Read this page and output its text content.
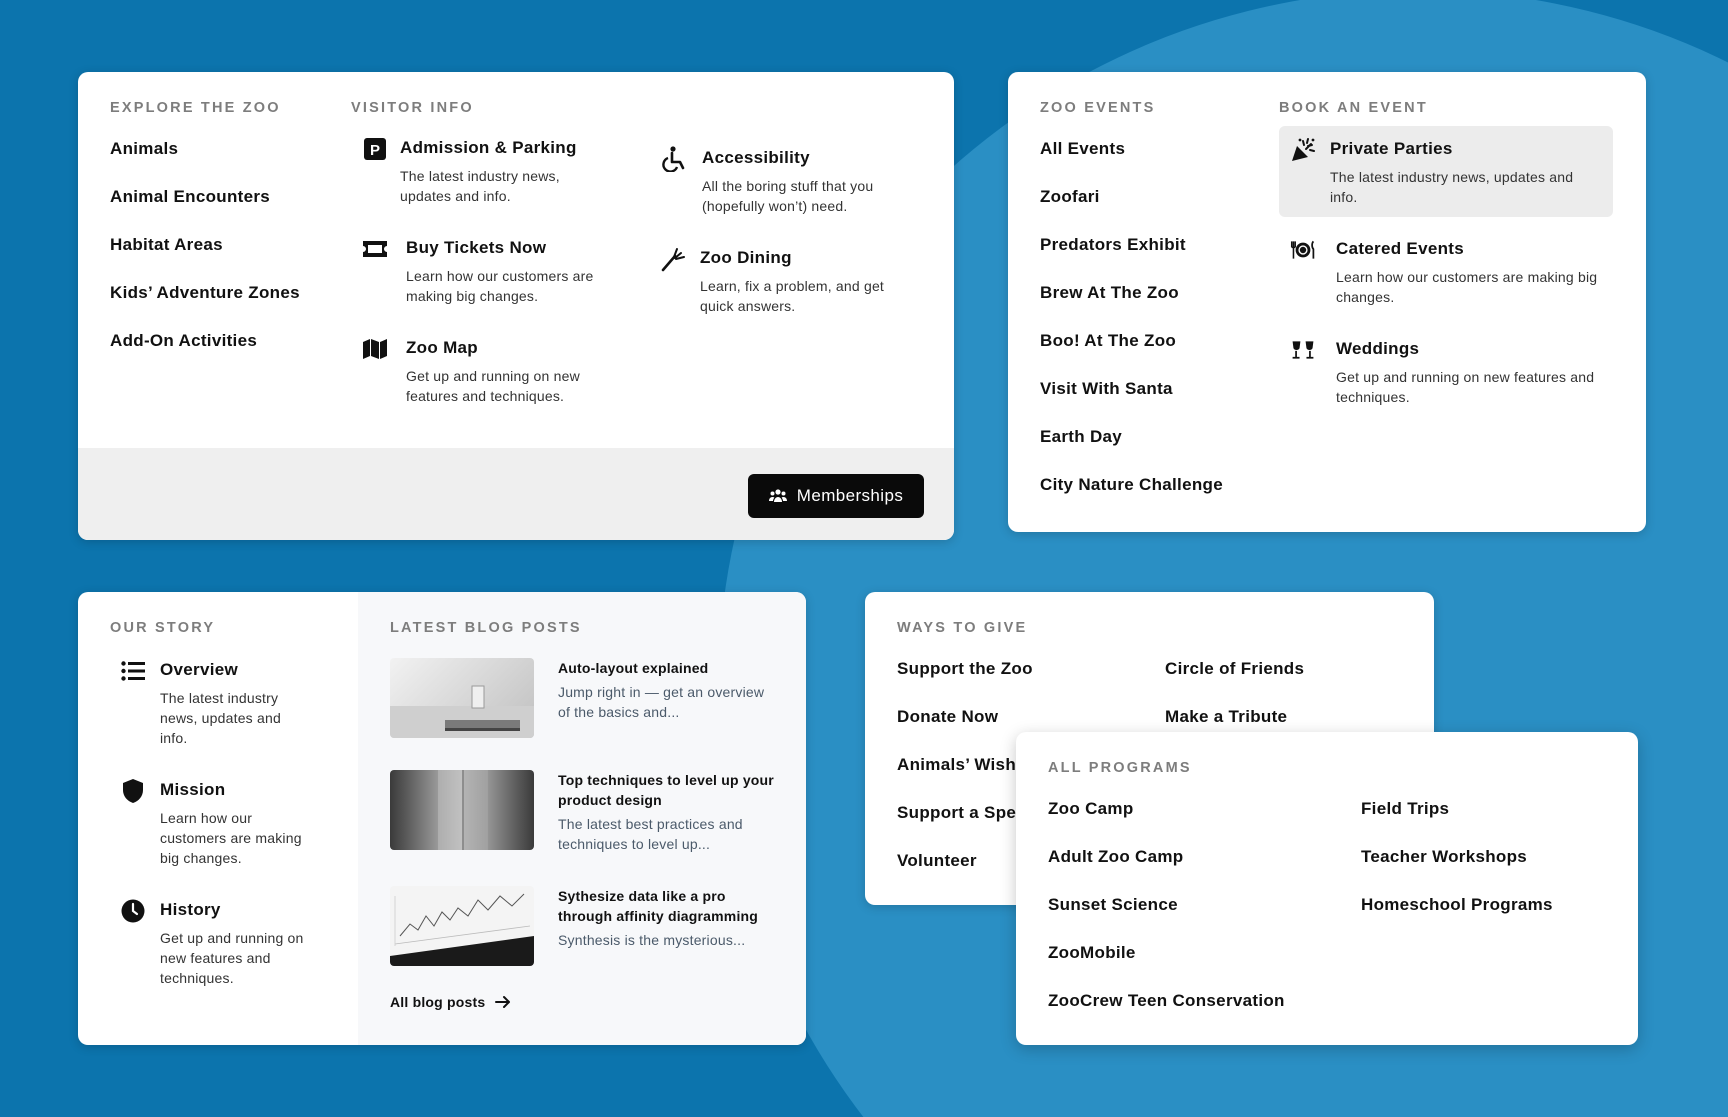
EXPLORE THE ZOO
Animals
Animal Encounters
Habitat Areas
Kids’ Adventure Zones
Add-On Activities
VISITOR INFO
P Admission & Parking
The latest industry news, updates and info.
Buy Tickets Now
Learn how our customers are making big changes.
Zoo Map
Get up and running on new features and techniques.
Accessibility
All the boring stuff that you (hopefully won’t) need.
Zoo Dining
Learn, fix a problem, and get quick answers.
Memberships
ZOO EVENTS
All Events
Zoofari
Predators Exhibit
Brew At The Zoo
Boo! At The Zoo
Visit With Santa
Earth Day
City Nature Challenge
BOOK AN EVENT
Private Parties
The latest industry news, updates and info.
Catered Events
Learn how our customers are making big changes.
Weddings
Get up and running on new features and techniques.
OUR STORY
Overview
The latest industry news, updates and info.
Mission
Learn how our customers are making big changes.
History
Get up and running on new features and techniques.
LATEST BLOG POSTS
Auto-layout explained
Jump right in — get an overview of the basics and...
Top techniques to level up your product design
The latest best practices and techniques to level up...
Sythesize data like a pro through affinity diagramming
Synthesis is the mysterious...
All blog posts
WAYS TO GIVE
Support the Zoo
Donate Now
Animals’ Wish
Support a Spe
Volunteer
Circle of Friends
Make a Tribute
ALL PROGRAMS
Zoo Camp
Adult Zoo Camp
Sunset Science
ZooMobile
ZooCrew Teen Conservation
Field Trips
Teacher Workshops
Homeschool Programs
